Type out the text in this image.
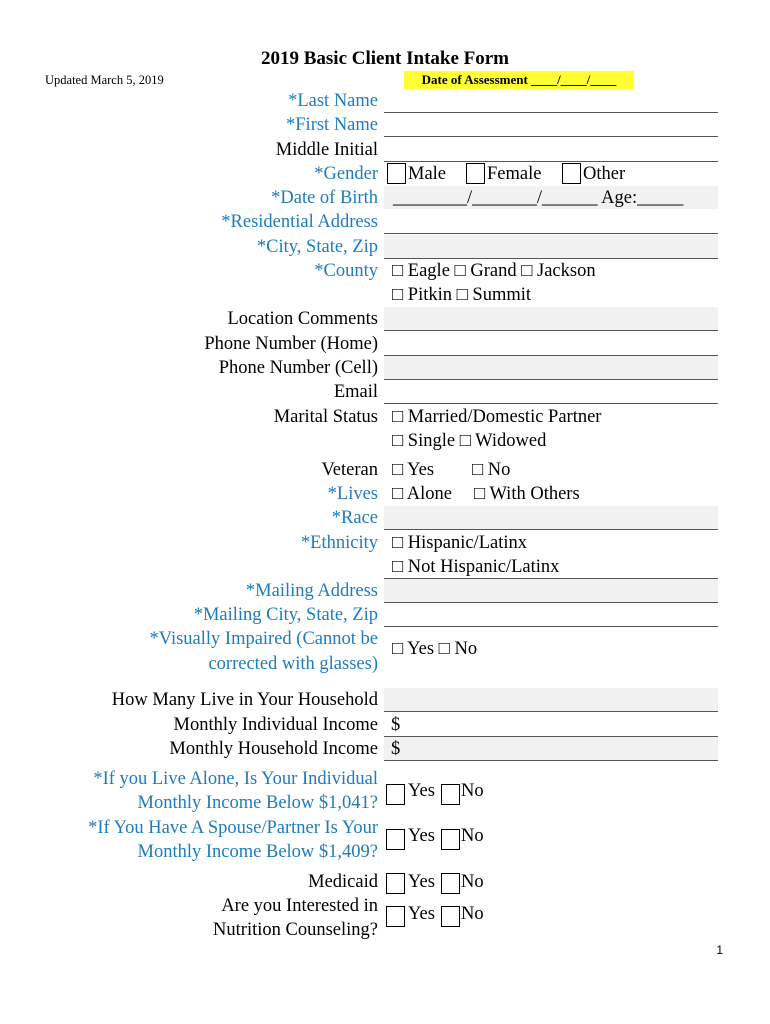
2019 Basic Client Intake Form
Updated March 5, 2019	Date of Assessment ____/____/____
*Last Name
*First Name
Middle Initial
*Gender Male Female Other
*Date of Birth ________/_______/______ Age:_____
*Residential Address
*City, State, Zip
*County □ Eagle □ Grand □ Jackson
□ Pitkin □ Summit
Location Comments
Phone Number (Home)
Phone Number (Cell)
Email
Marital Status □ Married/Domestic Partner
□ Single □ Widowed
Veteran □ Yes □ No
*Lives □ Alone □ With Others
*Race
*Ethnicity □ Hispanic/Latinx
□ Not Hispanic/Latinx
*Mailing Address
*Mailing City, State, Zip
*Visually Impaired (Cannot be
corrected with glasses)
□ Yes □ No
How Many Live in Your Household
Monthly Individual Income $
Monthly Household Income $
*If you Live Alone, Is Your Individual
Monthly Income Below $1,041?
Yes No
*If You Have A Spouse/Partner Is Your
Monthly Income Below $1,409?
Yes No
Medicaid Yes No
Are you Interested in
Nutrition Counseling?
Yes No
1
